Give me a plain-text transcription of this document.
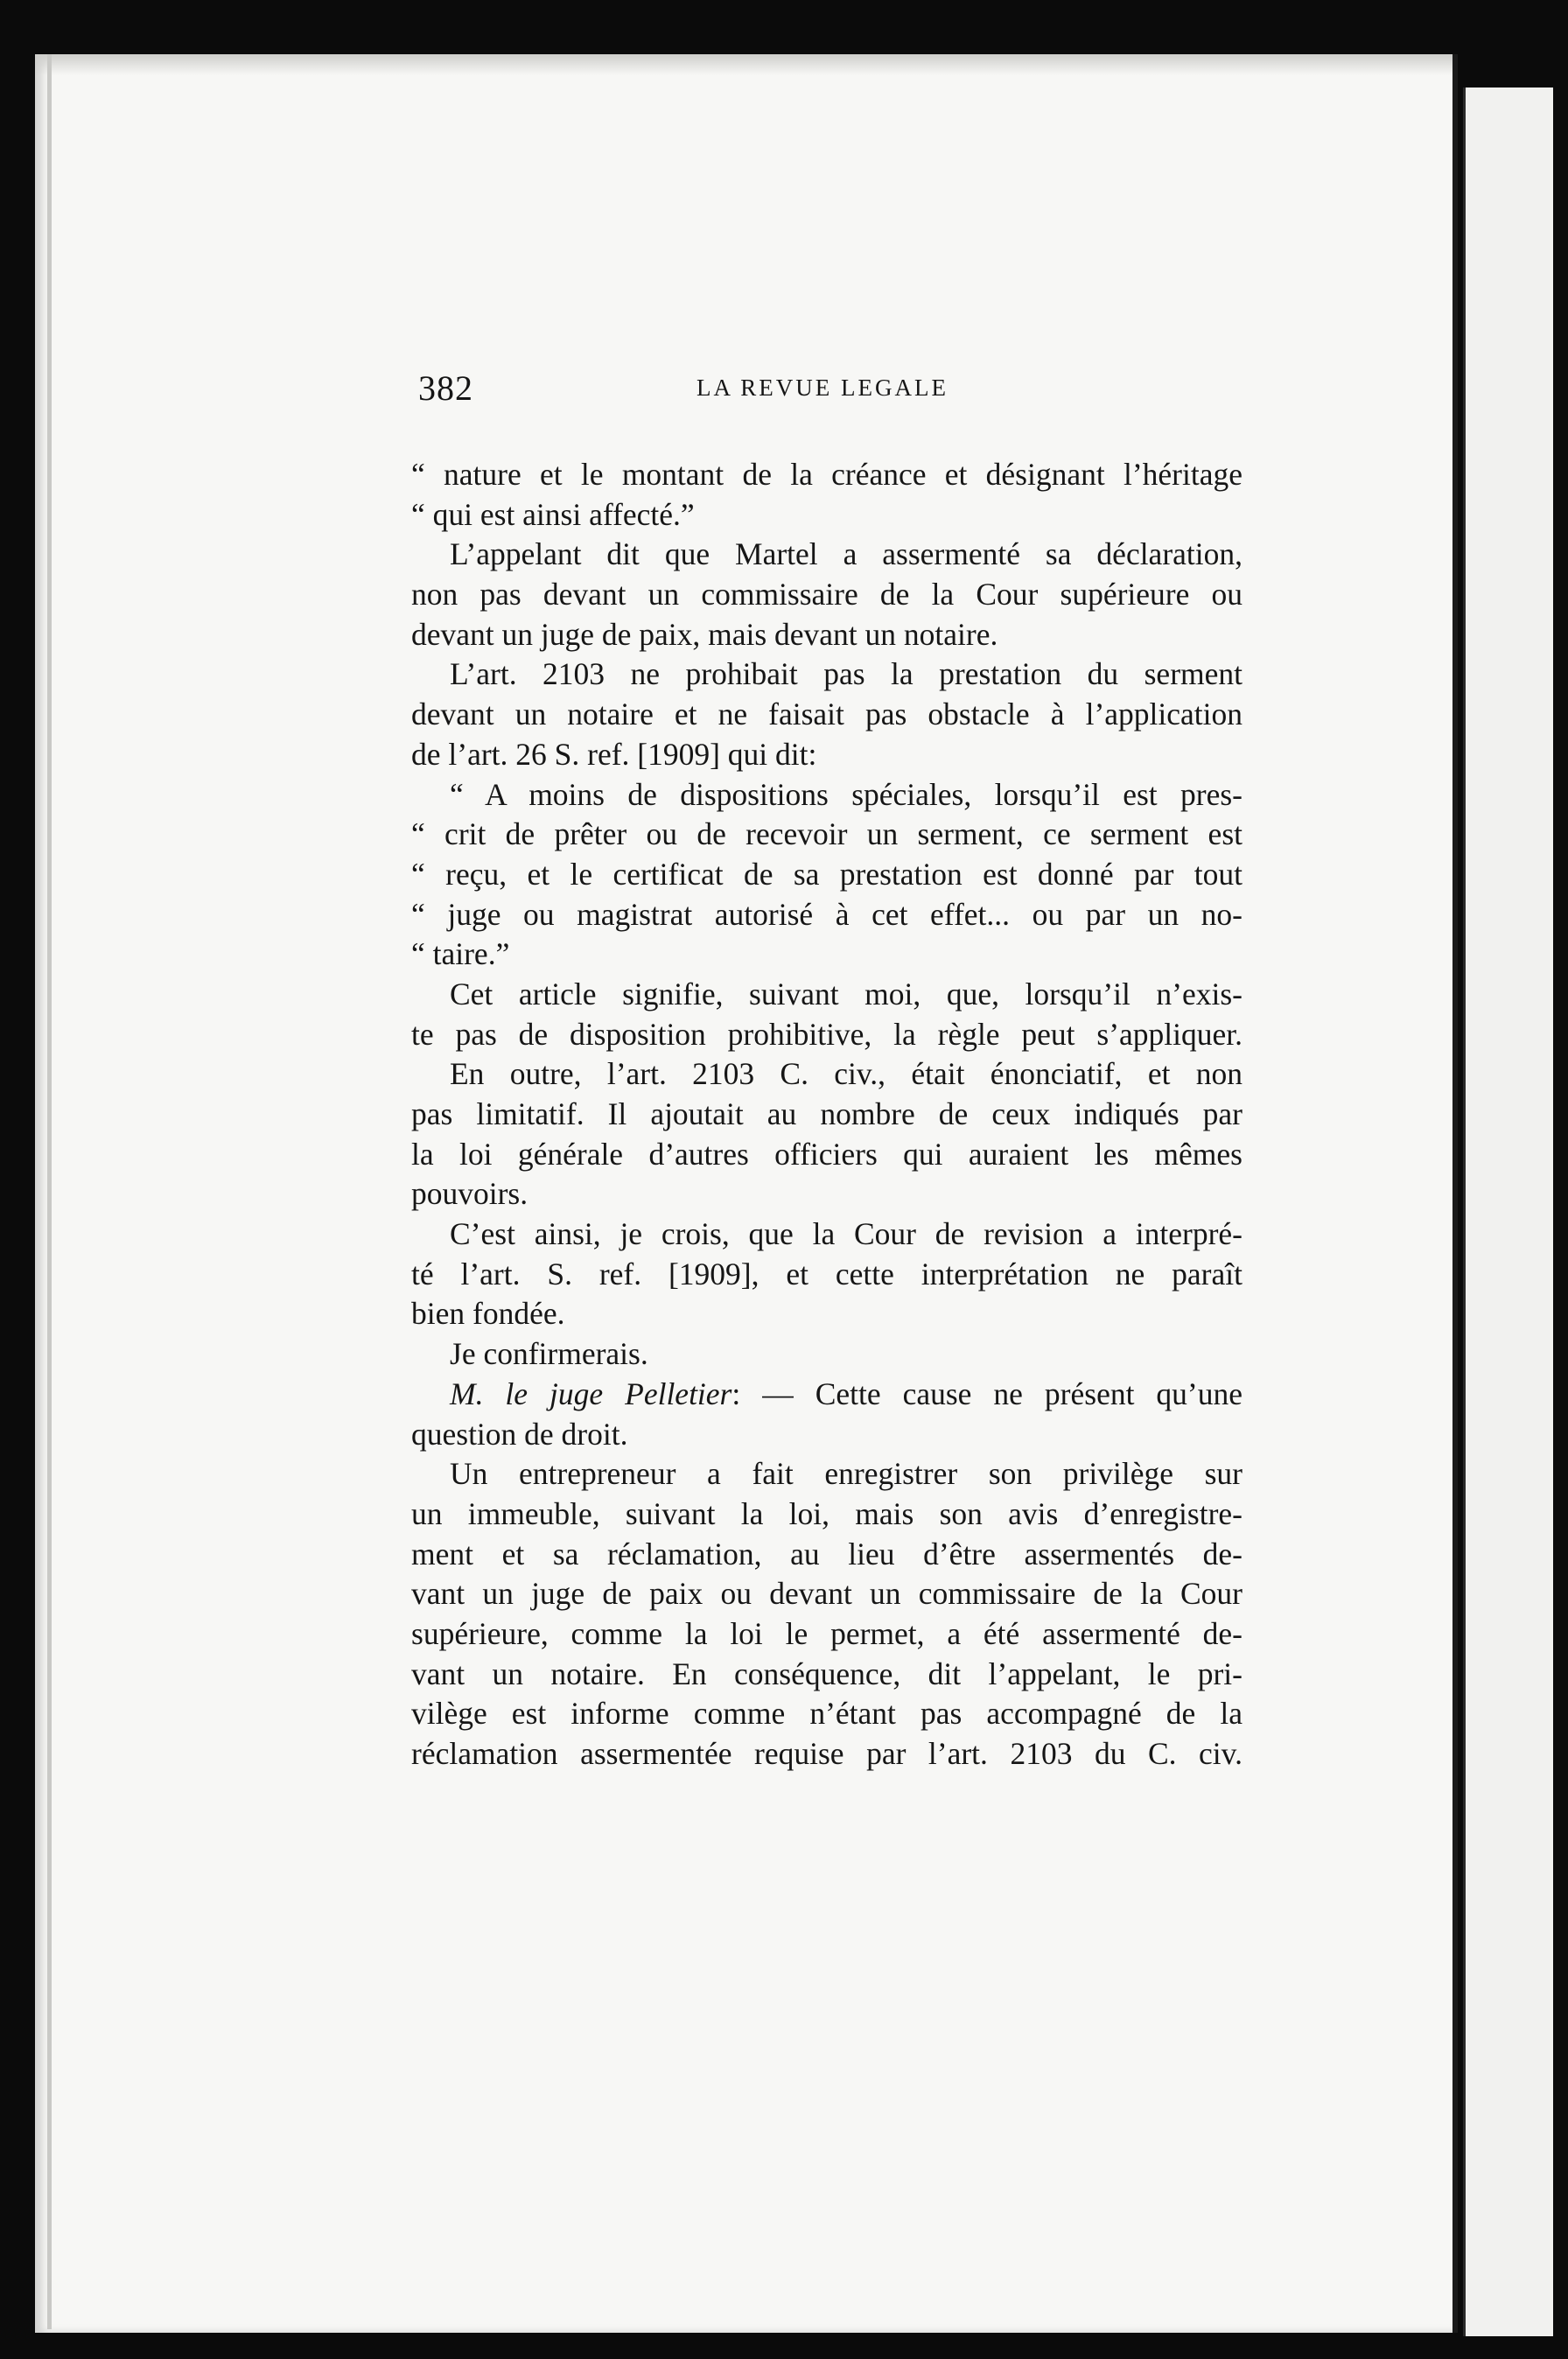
382	LA REVUE LEGALE
“ nature et le montant de la créance et désignant l’héritage
“ qui est ainsi affecté.”
L’appelant dit que Martel a assermenté sa déclaration,
non pas devant un commissaire de la Cour supérieure ou
devant un juge de paix, mais devant un notaire.
L’art. 2103 ne prohibait pas la prestation du serment
devant un notaire et ne faisait pas obstacle à l’application
de l’art. 26 S. ref. [1909] qui dit:
“ A moins de dispositions spéciales, lorsqu’il est pres-
“ crit de prêter ou de recevoir un serment, ce serment est
“ reçu, et le certificat de sa prestation est donné par tout
“ juge ou magistrat autorisé à cet effet... ou par un no-
“ taire.”
Cet article signifie, suivant moi, que, lorsqu’il n’exis-
te pas de disposition prohibitive, la règle peut s’appliquer.
En outre, l’art. 2103 C. civ., était énonciatif, et non
pas limitatif. Il ajoutait au nombre de ceux indiqués par
la loi générale d’autres officiers qui auraient les mêmes
pouvoirs.
C’est ainsi, je crois, que la Cour de revision a interpré-
té l’art. S. ref. [1909], et cette interprétation ne paraît
bien fondée.
Je confirmerais.
M. le juge Pelletier: — Cette cause ne présent qu’une
question de droit.
Un entrepreneur a fait enregistrer son privilège sur
un immeuble, suivant la loi, mais son avis d’enregistre-
ment et sa réclamation, au lieu d’être assermentés de-
vant un juge de paix ou devant un commissaire de la Cour
supérieure, comme la loi le permet, a été assermenté de-
vant un notaire. En conséquence, dit l’appelant, le pri-
vilège est informe comme n’étant pas accompagné de la
réclamation assermentée requise par l’art. 2103 du C. civ.
